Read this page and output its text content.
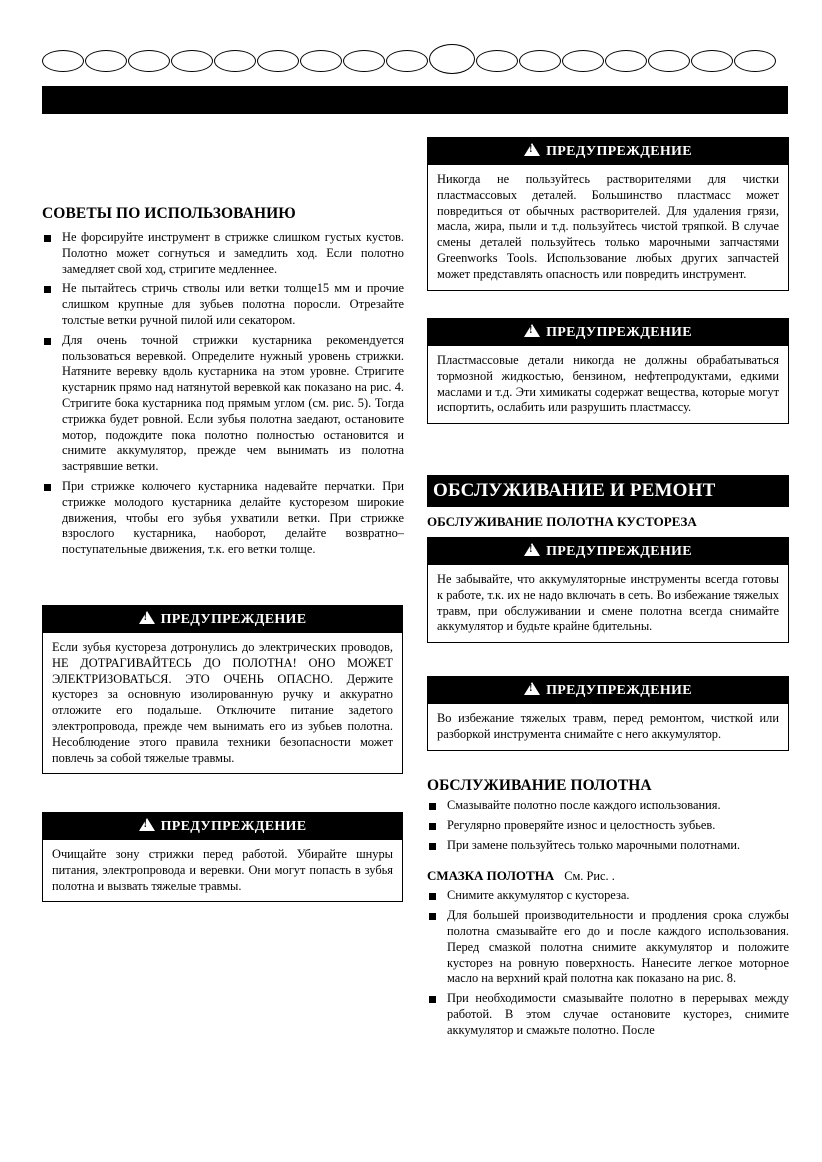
СОВЕТЫ ПО ИСПОЛЬЗОВАНИЮ
Не форсируйте инструмент в стрижке слишком густых кустов. Полотно может согнуться и замедлить ход. Если полотно замедляет свой ход, стригите медленнее.
Не пытайтесь стричь стволы или ветки толще15 мм и прочие слишком крупные для зубьев полотна поросли. Отрезайте толстые ветки ручной пилой или секатором.
Для очень точной стрижки кустарника рекомендуется пользоваться веревкой. Определите нужный уровень стрижки. Натяните веревку вдоль кустарника на этом уровне. Стригите кустарник прямо над натянутой веревкой как показано на рис. 4. Стригите бока кустарника под прямым углом (см. рис. 5). Тогда стрижка будет ровной. Если зубья полотна заедают, остановите мотор, подождите пока полотно полностью остановится и снимите аккумулятор, прежде чем вынимать из полотна застрявшие ветки.
При стрижке колючего кустарника надевайте перчатки. При стрижке молодого кустарника делайте кусторезом широкие движения, чтобы его зубья ухватили ветки. При стрижке взрослого кустарника, наоборот, делайте возвратно–поступательные движения, т.к. его ветки толще.
!ПРЕДУПРЕЖДЕНИЕ
Если зубья кустореза дотронулись до электрических проводов, НЕ ДОТРАГИВАЙТЕСЬ ДО ПОЛОТНА! ОНО МОЖЕТ ЭЛЕКТРИЗОВАТЬСЯ. ЭТО ОЧЕНЬ ОПАСНО. Держите кусторез за основную изолированную ручку и аккуратно отложите его подальше. Отключите питание задетого электропровода, прежде чем вынимать его из зубьев полотна. Несоблюдение этого правила техники безопасности может повлечь за собой тяжелые травмы.
!ПРЕДУПРЕЖДЕНИЕ
Очищайте зону стрижки перед работой. Убирайте шнуры питания, электропровода и веревки. Они могут попасть в зубья полотна и вызвать тяжелые травмы.
!ПРЕДУПРЕЖДЕНИЕ
Никогда не пользуйтесь растворителями для чистки пластмассовых деталей. Большинство пластмасс может повредиться от обычных растворителей. Для удаления грязи, масла, жира, пыли и т.д. пользуйтесь чистой тряпкой. В случае смены деталей пользуйтесь только марочными запчастями Greenworks Tools. Использование любых других запчастей может представлять опасность или повредить инструмент.
!ПРЕДУПРЕЖДЕНИЕ
Пластмассовые детали никогда не должны обрабатываться тормозной жидкостью, бензином, нефтепродуктами, едкими маслами и т.д. Эти химикаты содержат вещества, которые могут испортить, ослабить или разрушить пластмассу.
ОБСЛУЖИВАНИЕ И РЕМОНТ
ОБСЛУЖИВАНИЕ ПОЛОТНА КУСТОРЕЗА
!ПРЕДУПРЕЖДЕНИЕ
Не забывайте, что аккумуляторные инструменты всегда готовы к работе, т.к. их не надо включать в сеть. Во избежание тяжелых травм, при обслуживании и смене полотна всегда снимайте аккумулятор и будьте крайне бдительны.
!ПРЕДУПРЕЖДЕНИЕ
Во избежание тяжелых травм, перед ремонтом, чисткой или разборкой инструмента снимайте с него аккумулятор.
ОБСЛУЖИВАНИЕ ПОЛОТНА
Смазывайте полотно после каждого использования.
Регулярно проверяйте износ и целостность зубьев.
При замене пользуйтесь только марочными полотнами.
СМАЗКА ПОЛОТНА См. Рис. .
Снимите аккумулятор с кустореза.
Для большей производительности и продления срока службы полотна смазывайте его до и после каждого использования. Перед смазкой полотна снимите аккумулятор и положите кусторез на ровную поверхность. Нанесите легкое моторное масло на верхний край полотна как показано на рис. 8.
При необходимости смазывайте полотно в перерывах между работой. В этом случае остановите кусторез, снимите аккумулятор и смажьте полотно. После
